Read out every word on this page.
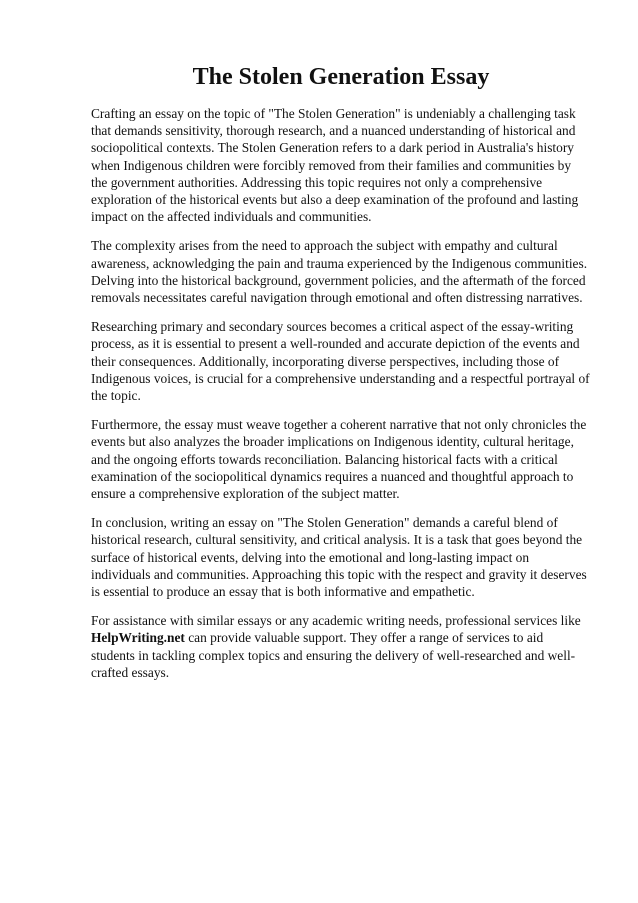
The Stolen Generation Essay

Crafting an essay on the topic of "The Stolen Generation" is undeniably a challenging task that demands sensitivity, thorough research, and a nuanced understanding of historical and sociopolitical contexts. The Stolen Generation refers to a dark period in Australia's history when Indigenous children were forcibly removed from their families and communities by the government authorities. Addressing this topic requires not only a comprehensive exploration of the historical events but also a deep examination of the profound and lasting impact on the affected individuals and communities.

The complexity arises from the need to approach the subject with empathy and cultural awareness, acknowledging the pain and trauma experienced by the Indigenous communities. Delving into the historical background, government policies, and the aftermath of the forced removals necessitates careful navigation through emotional and often distressing narratives.

Researching primary and secondary sources becomes a critical aspect of the essay-writing process, as it is essential to present a well-rounded and accurate depiction of the events and their consequences. Additionally, incorporating diverse perspectives, including those of Indigenous voices, is crucial for a comprehensive understanding and a respectful portrayal of the topic.

Furthermore, the essay must weave together a coherent narrative that not only chronicles the events but also analyzes the broader implications on Indigenous identity, cultural heritage, and the ongoing efforts towards reconciliation. Balancing historical facts with a critical examination of the sociopolitical dynamics requires a nuanced and thoughtful approach to ensure a comprehensive exploration of the subject matter.

In conclusion, writing an essay on "The Stolen Generation" demands a careful blend of historical research, cultural sensitivity, and critical analysis. It is a task that goes beyond the surface of historical events, delving into the emotional and long-lasting impact on individuals and communities. Approaching this topic with the respect and gravity it deserves is essential to produce an essay that is both informative and empathetic.

For assistance with similar essays or any academic writing needs, professional services like HelpWriting.net can provide valuable support. They offer a range of services to aid students in tackling complex topics and ensuring the delivery of well-researched and well-crafted essays.
